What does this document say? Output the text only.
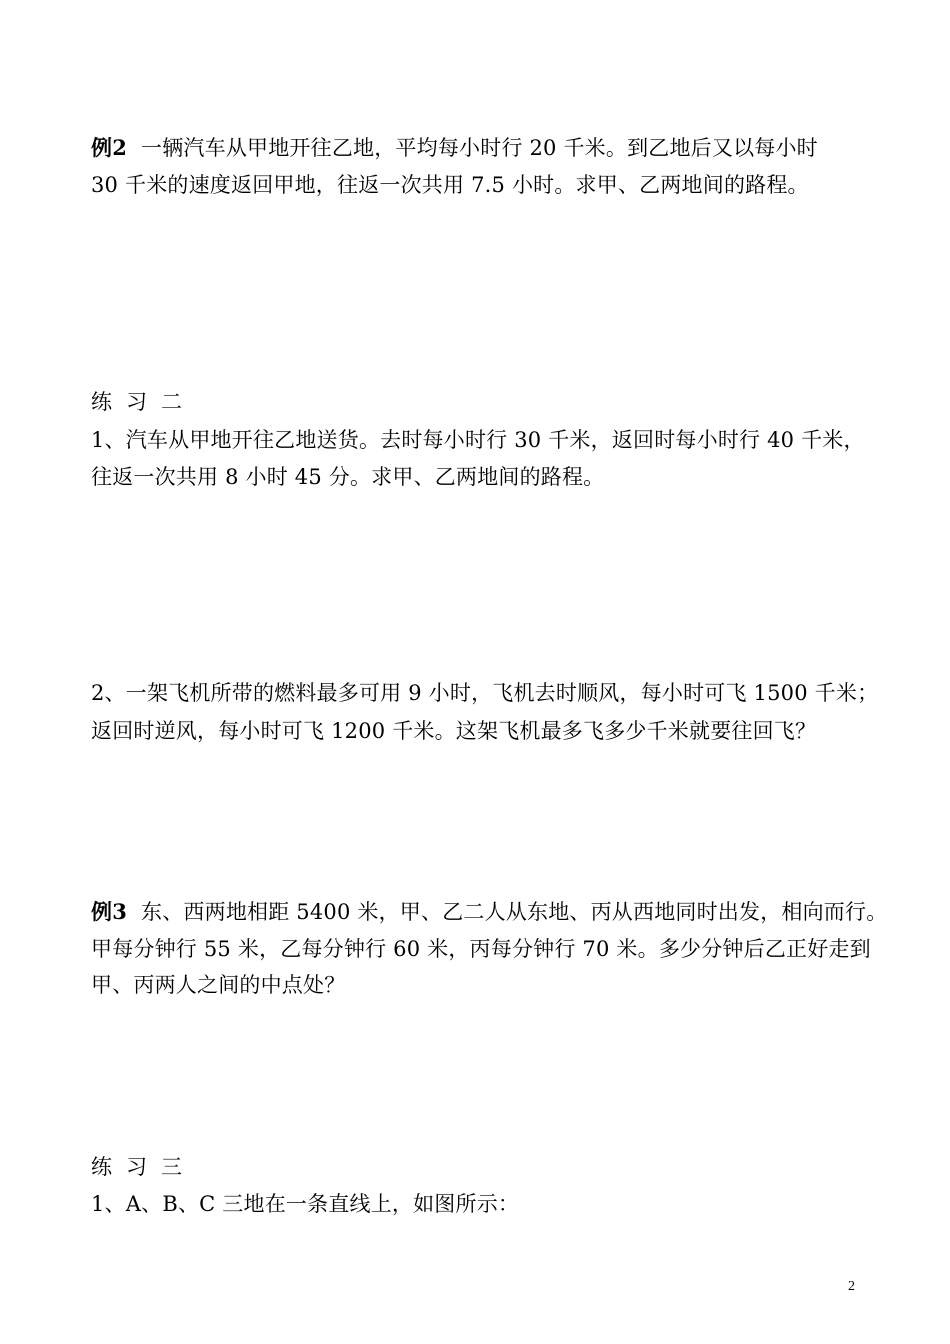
例2 一辆汽车从甲地开往乙地，平均每小时行 20 千米。到乙地后又以每小时
30 千米的速度返回甲地，往返一次共用 7.5 小时。求甲、乙两地间的路程。
练习二
1、汽车从甲地开往乙地送货。去时每小时行 30 千米，返回时每小时行 40 千米，
往返一次共用 8 小时 45 分。求甲、乙两地间的路程。
2、一架飞机所带的燃料最多可用 9 小时，飞机去时顺风，每小时可飞 1500 千米；
返回时逆风，每小时可飞 1200 千米。这架飞机最多飞多少千米就要往回飞？
例3 东、西两地相距 5400 米，甲、乙二人从东地、丙从西地同时出发，相向而行。
甲每分钟行 55 米，乙每分钟行 60 米，丙每分钟行 70 米。多少分钟后乙正好走到
甲、丙两人之间的中点处？
练习三
1、A、B、C 三地在一条直线上，如图所示：
2
